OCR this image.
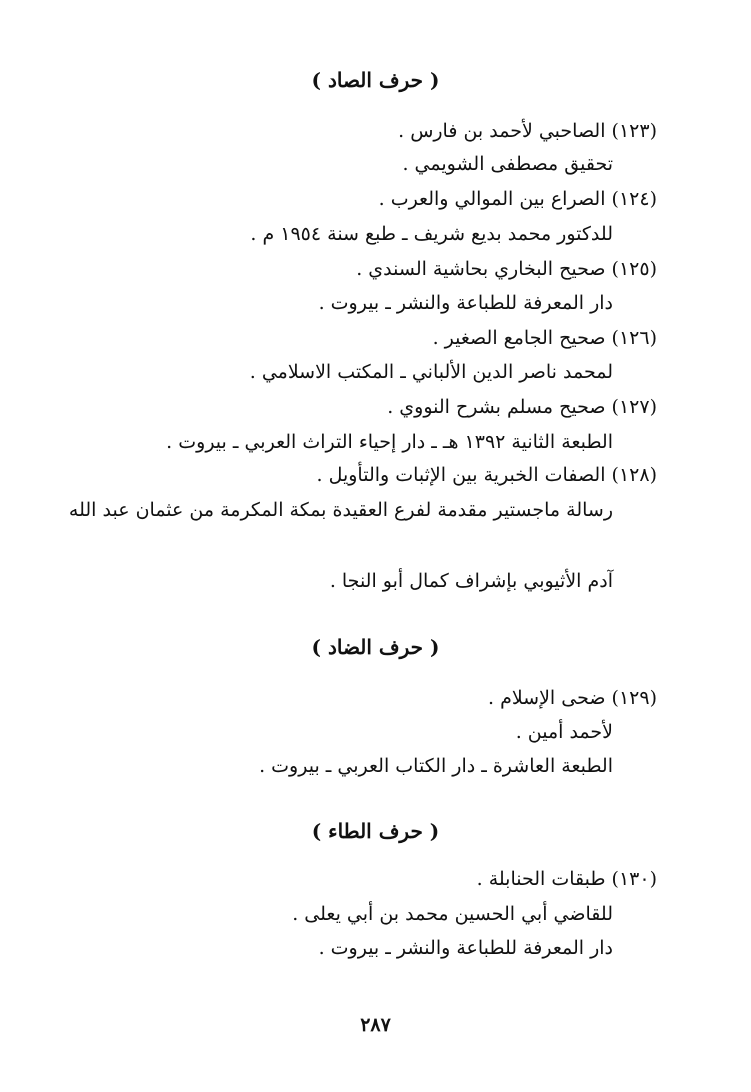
( حرف الصاد )
(١٢٣) الصاحبي لأحمد بن فارس .
تحقيق مصطفى الشويمي .
(١٢٤) الصراع بين الموالي والعرب .
للدكتور محمد بديع شريف ـ طبع سنة ١٩٥٤ م .
(١٢٥) صحيح البخاري بحاشية السندي .
دار المعرفة للطباعة والنشر ـ بيروت .
(١٢٦) صحيح الجامع الصغير .
لمحمد ناصر الدين الألباني ـ المكتب الاسلامي .
(١٢٧) صحيح مسلم بشرح النووي .
الطبعة الثانية ١٣٩٢ هـ ـ دار إحياء التراث العربي ـ بيروت .
(١٢٨) الصفات الخبرية بين الإثبات والتأويل .
رسالة ماجستير مقدمة لفرع العقيدة بمكة المكرمة من عثمان عبد الله
آدم الأثيوبي بإشراف كمال أبو النجا .
( حرف الضاد )
(١٢٩) ضحى الإسلام .
لأحمد أمين .
الطبعة العاشرة ـ دار الكتاب العربي ـ بيروت .
( حرف الطاء )
(١٣٠) طبقات الحنابلة .
للقاضي أبي الحسين محمد بن أبي يعلى .
دار المعرفة للطباعة والنشر ـ بيروت .
٢٨٧
